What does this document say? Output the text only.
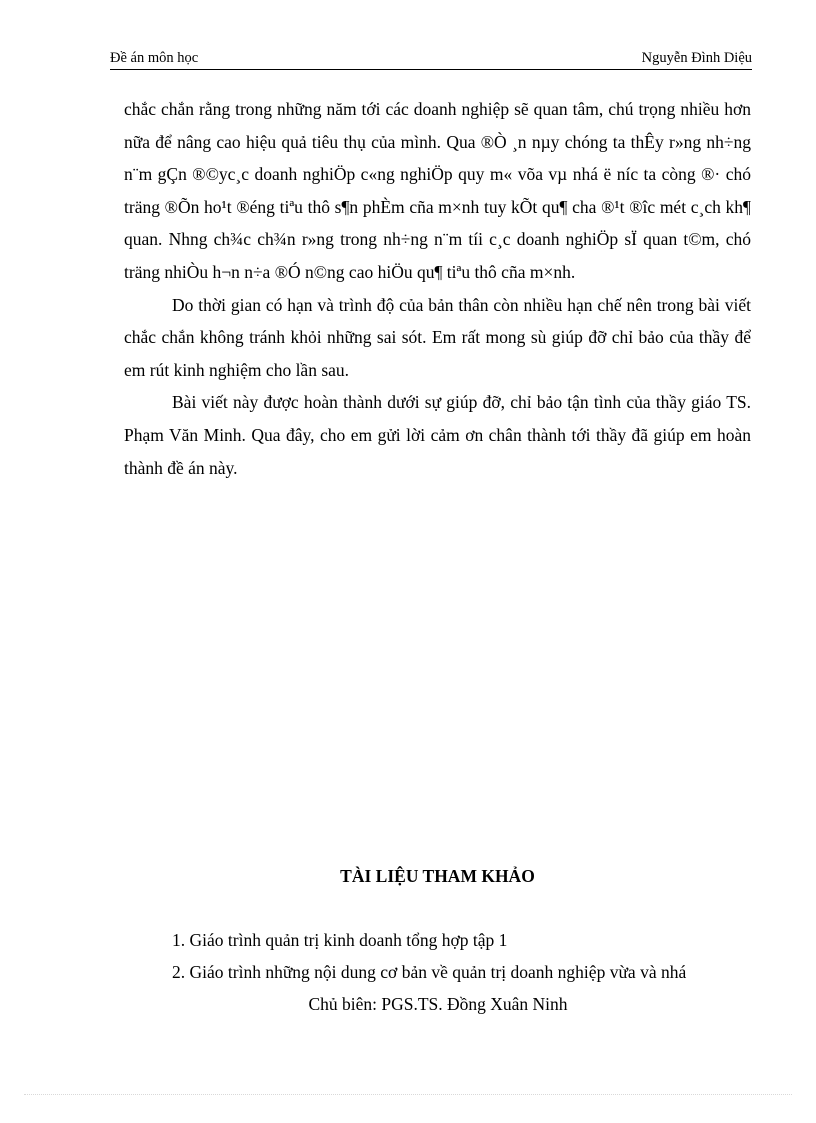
Đề án môn học	Nguyễn Đình Diệu

chắc chắn rằng trong những năm tới các doanh nghiệp sẽ quan tâm, chú trọng nhiều hơn nữa để nâng cao hiệu quả tiêu thụ của mình. Qua ®Ò ¸n nµy chóng ta thÊy r»ng nh÷ng n¨m gÇn ®©yc¸c doanh nghiÖp c«ng nghiÖp quy m« võa vµ nhá ë níc ta còng ®· chó träng ®Õn ho¹t ®éng tiªu thô s¶n phÈm cña m×nh tuy kÕt qu¶ cha ®¹t ®îc mét c¸ch kh¶ quan. Nhng ch¾c ch¾n r»ng trong nh÷ng n¨m tíi c¸c doanh nghiÖp sÏ quan t©m, chó träng nhiÒu h¬n n÷a ®Ó n©ng cao hiÖu qu¶ tiªu thô cña m×nh.

Do thời gian có hạn và trình độ của bản thân còn nhiều hạn chế nên trong bài viết chắc chắn không tránh khỏi những sai sót. Em rất mong sù giúp đỡ chỉ bảo của thầy để em rút kinh nghiệm cho lần sau.

Bài viết này được hoàn thành dưới sự giúp đỡ, chỉ bảo tận tình của thầy giáo TS. Phạm Văn Minh. Qua đây, cho em gửi lời cảm ơn chân thành tới thầy đã giúp em hoàn thành đề án này.

TÀI LIỆU THAM KHẢO
1. Giáo trình quản trị kinh doanh tổng hợp tập 1
2. Giáo trình những nội dung cơ bản về quản trị doanh nghiệp vừa và nhá
Chủ biên: PGS.TS. Đồng Xuân Ninh
